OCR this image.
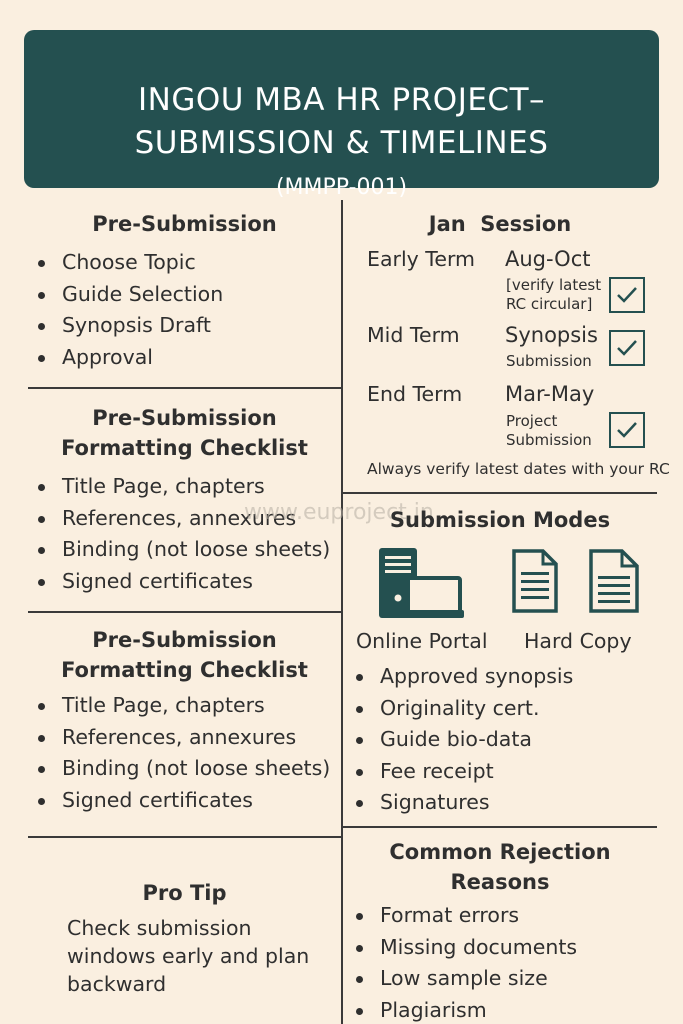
INGOU MBA HR PROJECT–
SUBMISSION & TIMELINES
(MMPP-001)
Pre-Submission
Choose Topic
Guide Selection
Synopsis Draft
Approval
Pre-Submission
Formatting Checklist
Title Page, chapters
References, annexures
Binding (not loose sheets)
Signed certificates
Pre-Submission
Formatting Checklist
Title Page, chapters
References, annexures
Binding (not loose sheets)
Signed certificates
Pro Tip
Check submission
windows early and plan
backward
Jan  Session
Early Term Aug-Oct
[verify latest
RC circular]
Mid Term Synopsis
Submission
End Term Mar-May
Project
Submission
Always verify latest dates with your RC
www.euproject.in
Submission Modes
Online Portal Hard Copy
Approved synopsis
Originality cert.
Guide bio-data
Fee receipt
Signatures
Common Rejection
Reasons
Format errors
Missing documents
Low sample size
Plagiarism
